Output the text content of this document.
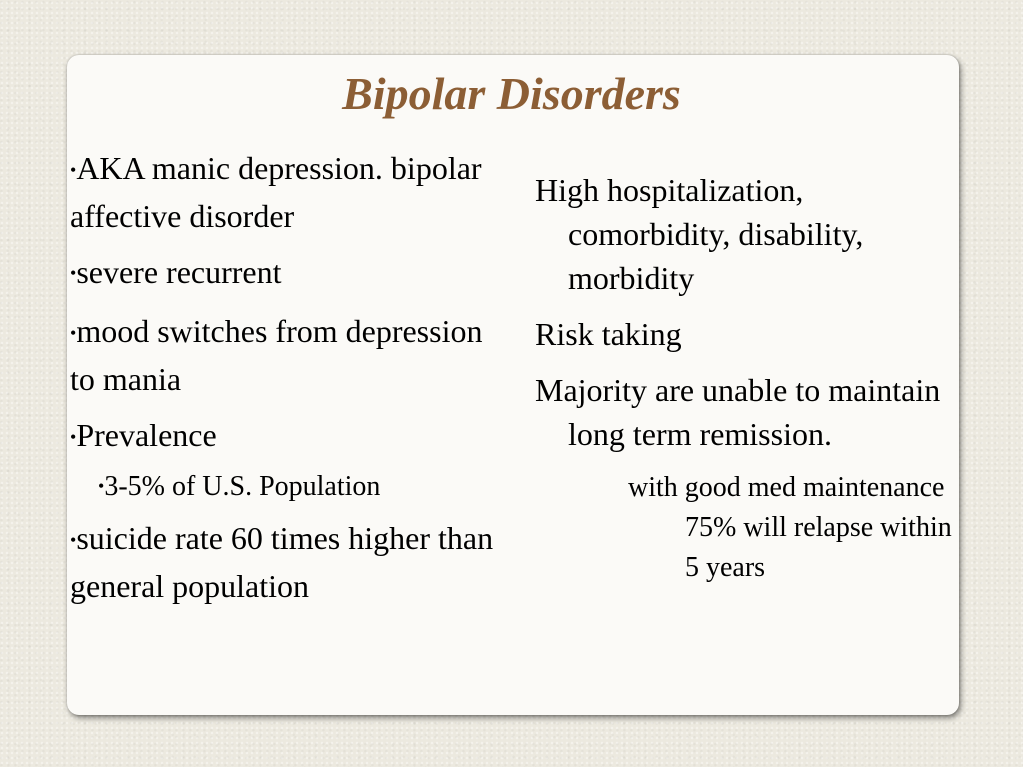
Bipolar Disorders
•AKA manic depression. bipolar affective disorder
•severe recurrent
•mood switches from depression to mania
•Prevalence
•3-5% of U.S. Population
•suicide rate 60 times higher than general population
High hospitalization, comorbidity, disability, morbidity
Risk taking
Majority are unable to maintain long term remission.
with good med maintenance 75% will relapse within 5 years
